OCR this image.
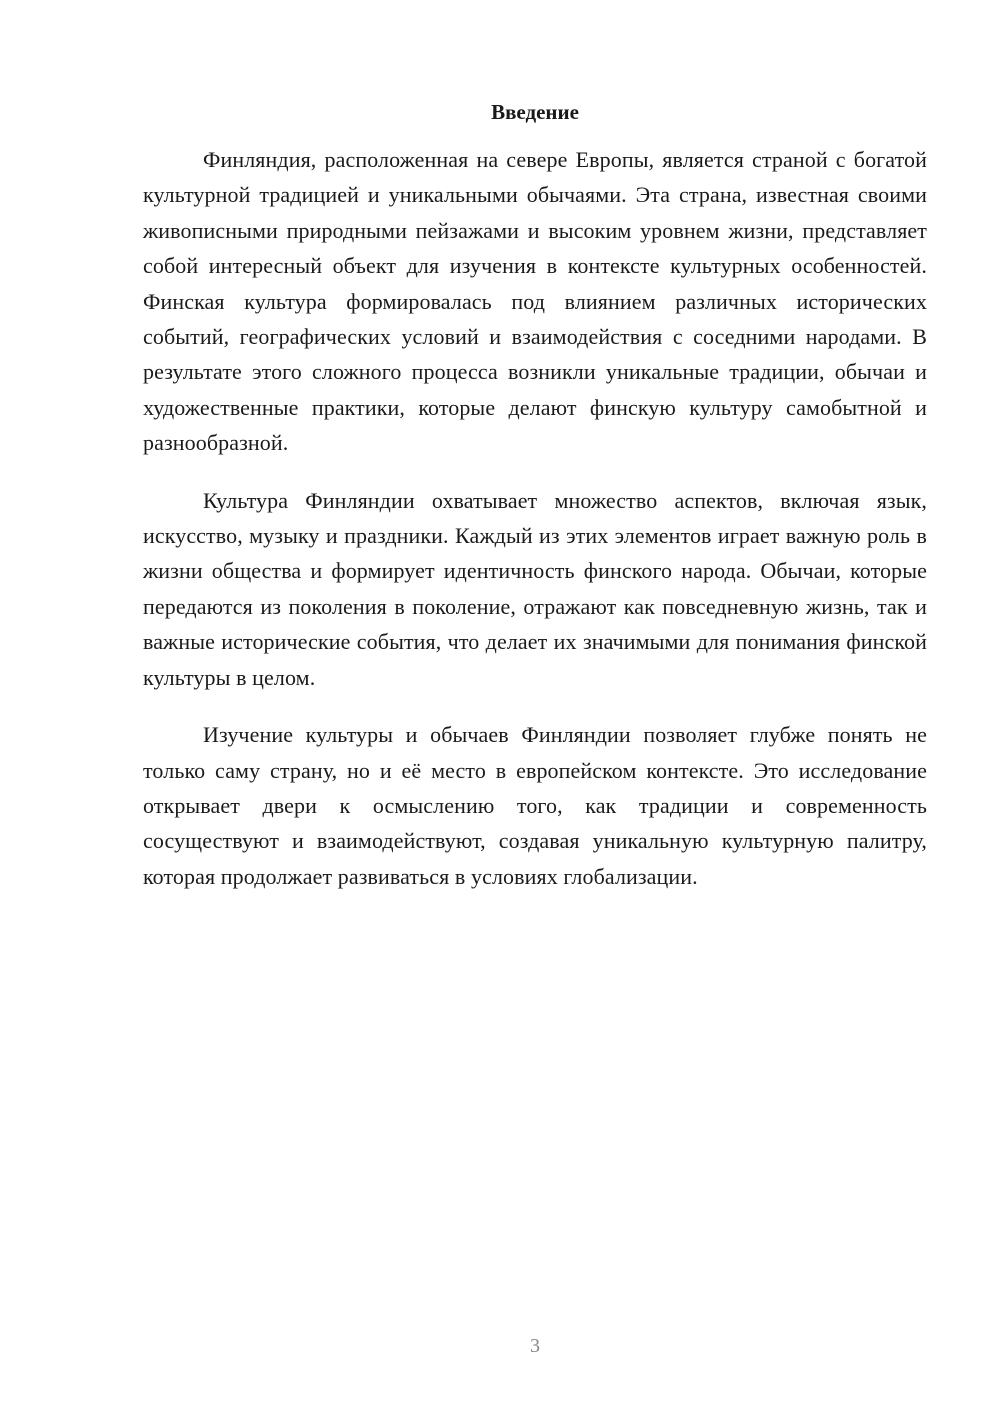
Введение

Финляндия, расположенная на севере Европы, является страной с богатой культурной традицией и уникальными обычаями. Эта страна, известная своими живописными природными пейзажами и высоким уровнем жизни, представляет собой интересный объект для изучения в контексте культурных особенностей. Финская культура формировалась под влиянием различных исторических событий, географических условий и взаимодействия с соседними народами. В результате этого сложного процесса возникли уникальные традиции, обычаи и художественные практики, которые делают финскую культуру самобытной и разнообразной.

Культура Финляндии охватывает множество аспектов, включая язык, искусство, музыку и праздники. Каждый из этих элементов играет важную роль в жизни общества и формирует идентичность финского народа. Обычаи, которые передаются из поколения в поколение, отражают как повседневную жизнь, так и важные исторические события, что делает их значимыми для понимания финской культуры в целом.

Изучение культуры и обычаев Финляндии позволяет глубже понять не только саму страну, но и её место в европейском контексте. Это исследование открывает двери к осмыслению того, как традиции и современность сосуществуют и взаимодействуют, создавая уникальную культурную палитру, которая продолжает развиваться в условиях глобализации.

3
